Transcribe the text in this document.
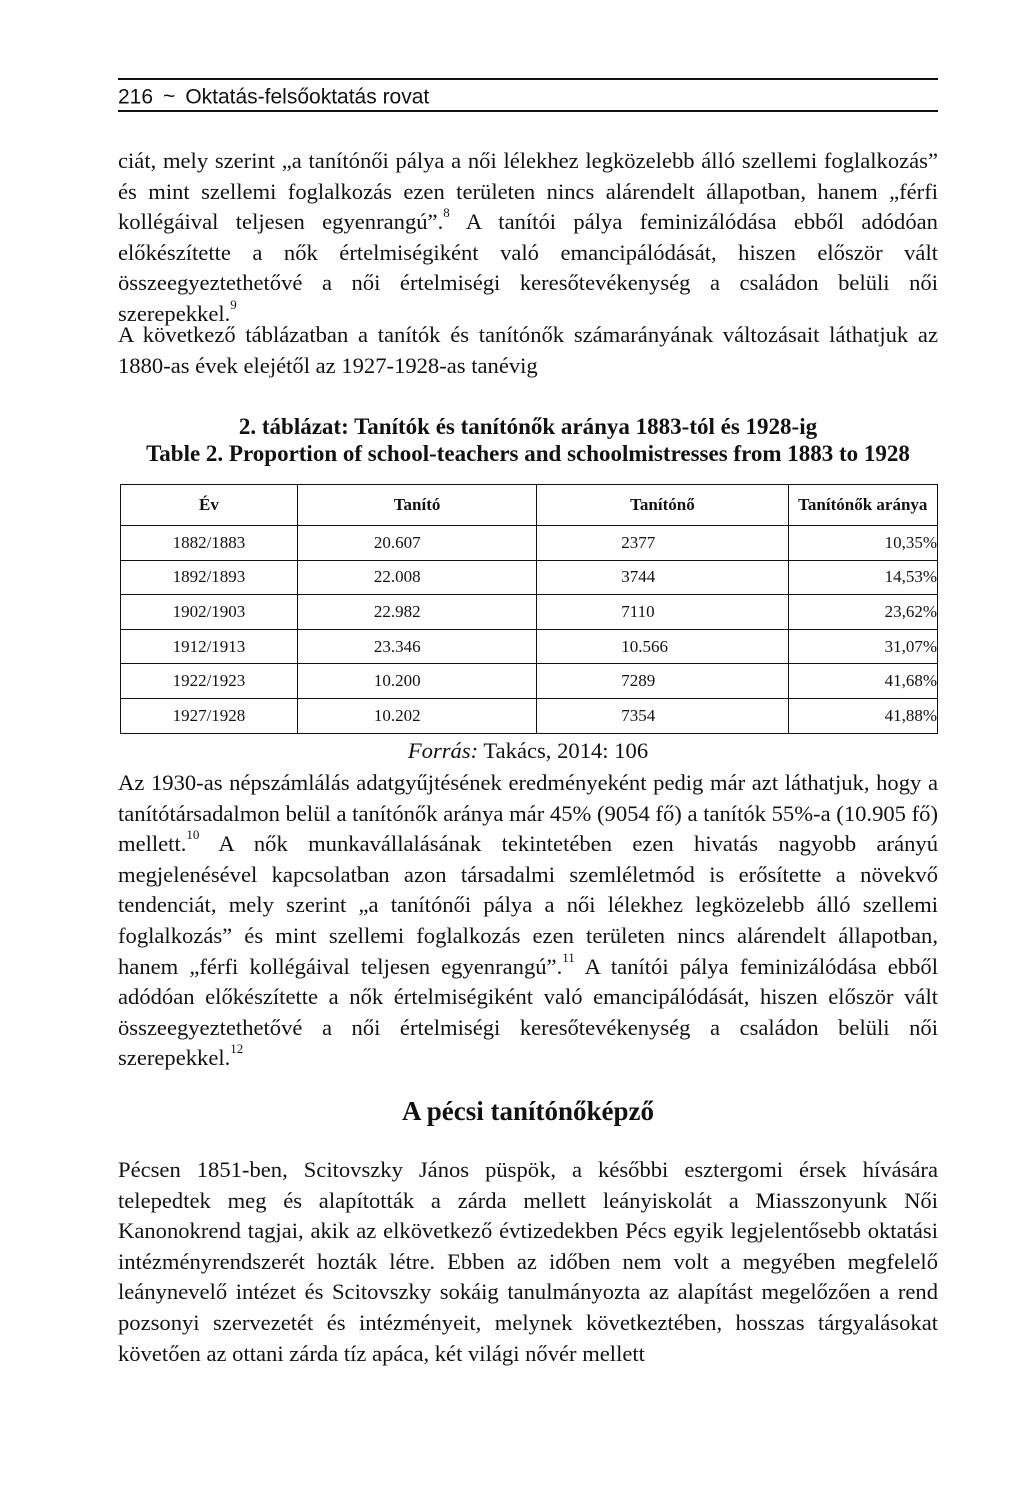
216 ~ Oktatás-felsőoktatás rovat

ciát, mely szerint „a tanítónői pálya a női lélekhez legközelebb álló szellemi foglalkozás” és mint szellemi foglalkozás ezen területen nincs alárendelt állapotban, hanem „férfi kollégáival teljesen egyenrangú”.$^8$ A tanítói pálya feminizálódása ebből adódóan előkészítette a nők értelmiségiként való emancipálódását, hiszen először vált összeegyeztethetővé a női értelmiségi keresőtevékenység a családon belüli női szerepekkel.$^9$

A következő táblázatban a tanítók és tanítónők számarányának változásait láthatjuk az 1880-as évek elejétől az 1927-1928-as tanévig

2. táblázat: Tanítók és tanítónők aránya 1883-tól és 1928-ig

Table 2. Proportion of school-teachers and schoolmistresses from 1883 to 1928

Év	Tanító	Tanítónő	Tanítónők aránya
1882/1883	20.607	2377	10,35%
1892/1893	22.008	3744	14,53%
1902/1903	22.982	7110	23,62%
1912/1913	23.346	10.566	31,07%
1922/1923	10.200	7289	41,68%
1927/1928	10.202	7354	41,88%

Forrás: Takács, 2014: 106

Az 1930-as népszámlálás adatgyűjtésének eredményeként pedig már azt láthatjuk, hogy a tanítótársadalmon belül a tanítónők aránya már 45% (9054 fő) a tanítók 55%-a (10.905 fő) mellett.$^{10}$ A nők munkavállalásának tekintetében ezen hivatás nagyobb arányú megjelenésével kapcsolatban azon társadalmi szemléletmód is erősítette a növekvő tendenciát, mely szerint „a tanítónői pálya a női lélekhez legközelebb álló szellemi foglalkozás” és mint szellemi foglalkozás ezen területen nincs alárendelt állapotban, hanem „férfi kollégáival teljesen egyenrangú”.$^{11}$ A tanítói pálya feminizálódása ebből adódóan előkészítette a nők értelmiségiként való emancipálódását, hiszen először vált összeegyeztethetővé a női értelmiségi keresőtevékenység a családon belüli női szerepekkel.$^{12}$

A pécsi tanítónőképző

Pécsen 1851-ben, Scitovszky János püspök, a későbbi esztergomi érsek hívására telepedtek meg és alapították a zárda mellett leányiskolát a Miasszonyunk Női Kanonokrend tagjai, akik az elkövetkező évtizedekben Pécs egyik legjelentősebb oktatási intézményrendszerét hozták létre. Ebben az időben nem volt a megyében megfelelő leánynevelő intézet és Scitovszky sokáig tanulmányozta az alapítást megelőzően a rend pozsonyi szervezetét és intézményeit, melynek következtében, hosszas tárgyalásokat követően az ottani zárda tíz apáca, két világi nővér mellett
